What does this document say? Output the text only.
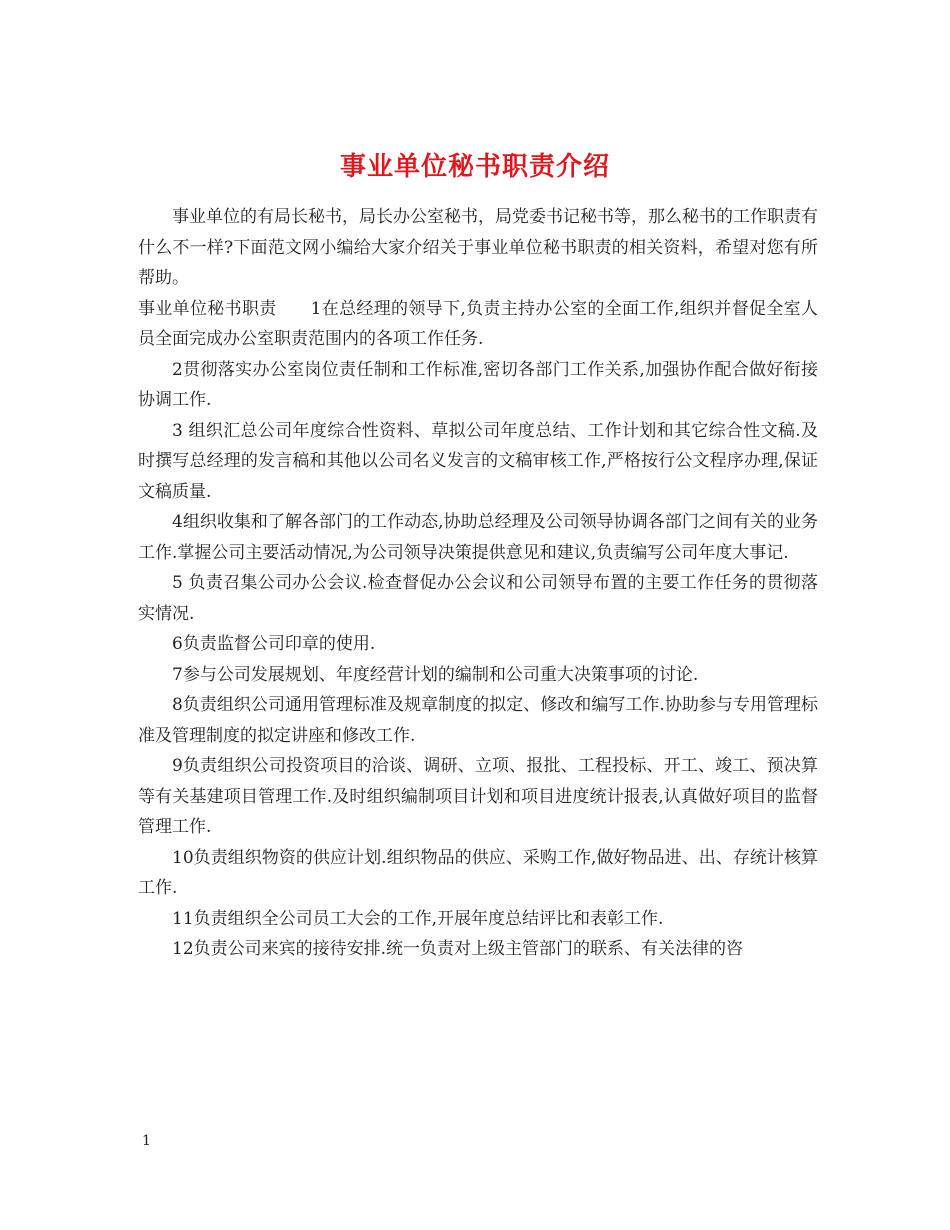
事业单位秘书职责介绍

事业单位的有局长秘书，局长办公室秘书，局党委书记秘书等，那么秘书的工作职责有什么不一样?下面范文网小编给大家介绍关于事业单位秘书职责的相关资料，希望对您有所帮助。

事业单位秘书职责 1在总经理的领导下,负责主持办公室的全面工作,组织并督促全室人员全面完成办公室职责范围内的各项工作任务.

2贯彻落实办公室岗位责任制和工作标准,密切各部门工作关系,加强协作配合做好衔接协调工作.

3 组织汇总公司年度综合性资料、草拟公司年度总结、工作计划和其它综合性文稿.及时撰写总经理的发言稿和其他以公司名义发言的文稿审核工作,严格按行公文程序办理,保证文稿质量.

4组织收集和了解各部门的工作动态,协助总经理及公司领导协调各部门之间有关的业务工作.掌握公司主要活动情况,为公司领导决策提供意见和建议,负责编写公司年度大事记.

5 负责召集公司办公会议.检查督促办公会议和公司领导布置的主要工作任务的贯彻落实情况.

6负责监督公司印章的使用.

7参与公司发展规划、年度经营计划的编制和公司重大决策事项的讨论.

8负责组织公司通用管理标准及规章制度的拟定、修改和编写工作.协助参与专用管理标准及管理制度的拟定讲座和修改工作.

9负责组织公司投资项目的洽谈、调研、立项、报批、工程投标、开工、竣工、预决算等有关基建项目管理工作.及时组织编制项目计划和项目进度统计报表,认真做好项目的监督管理工作.

10负责组织物资的供应计划.组织物品的供应、采购工作,做好物品进、出、存统计核算工作.

11负责组织全公司员工大会的工作,开展年度总结评比和表彰工作.

12负责公司来宾的接待安排.统一负责对上级主管部门的联系、有关法律的咨

1
